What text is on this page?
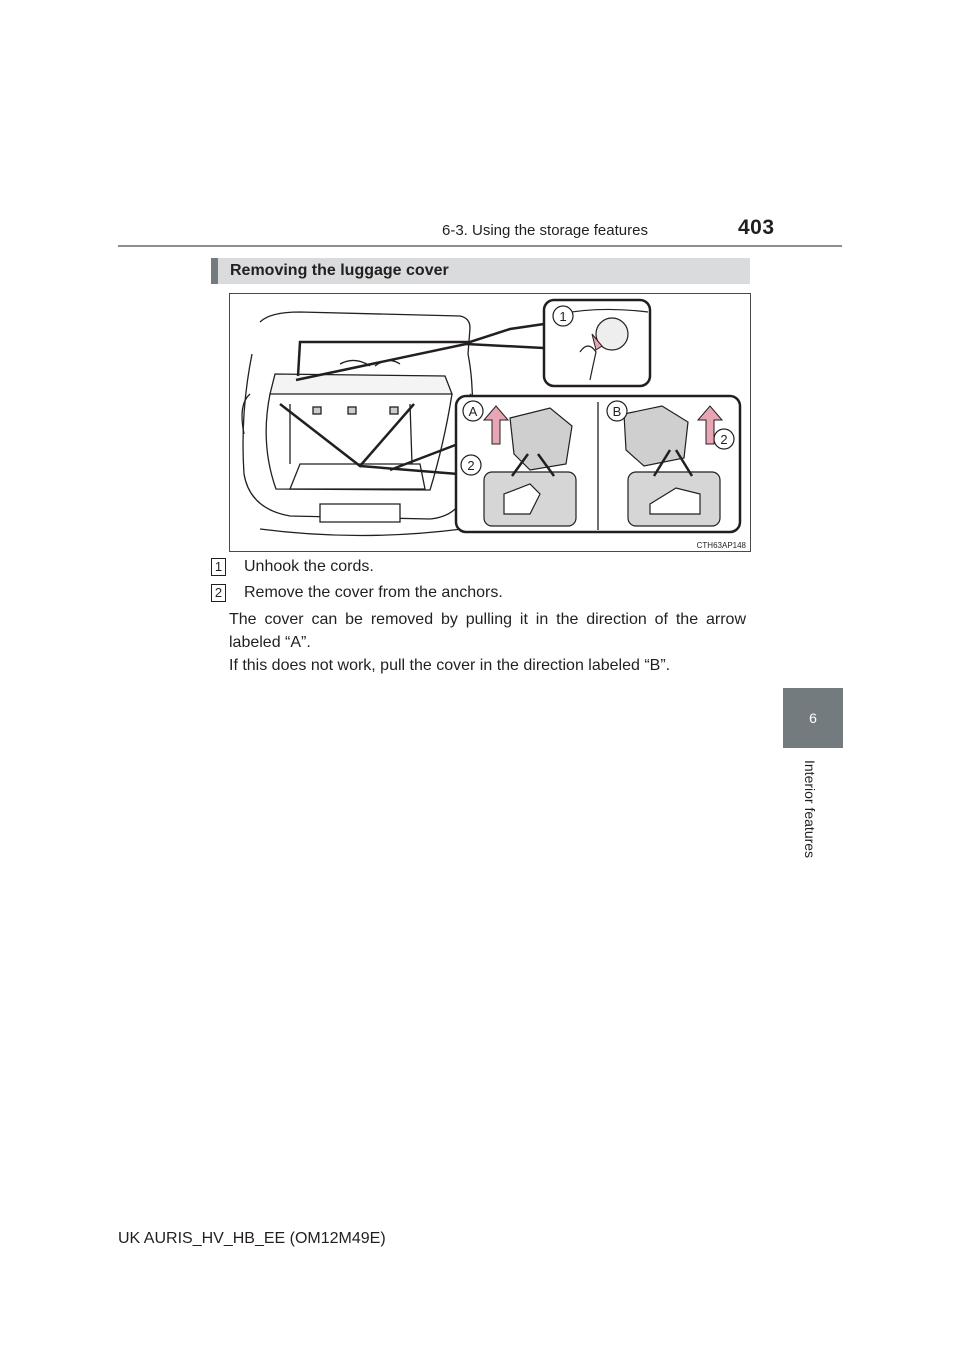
6-3. Using the storage features	403
6
Interior features
Removing the luggage cover
1
A	B
2
2
CTH63AP148
1 Unhook the cords.
2 Remove the cover from the anchors.

The cover can be removed by pulling it in the direction of the arrow labeled “A”.

If this does not work, pull the cover in the direction labeled “B”.

UK AURIS_HV_HB_EE (OM12M49E)
